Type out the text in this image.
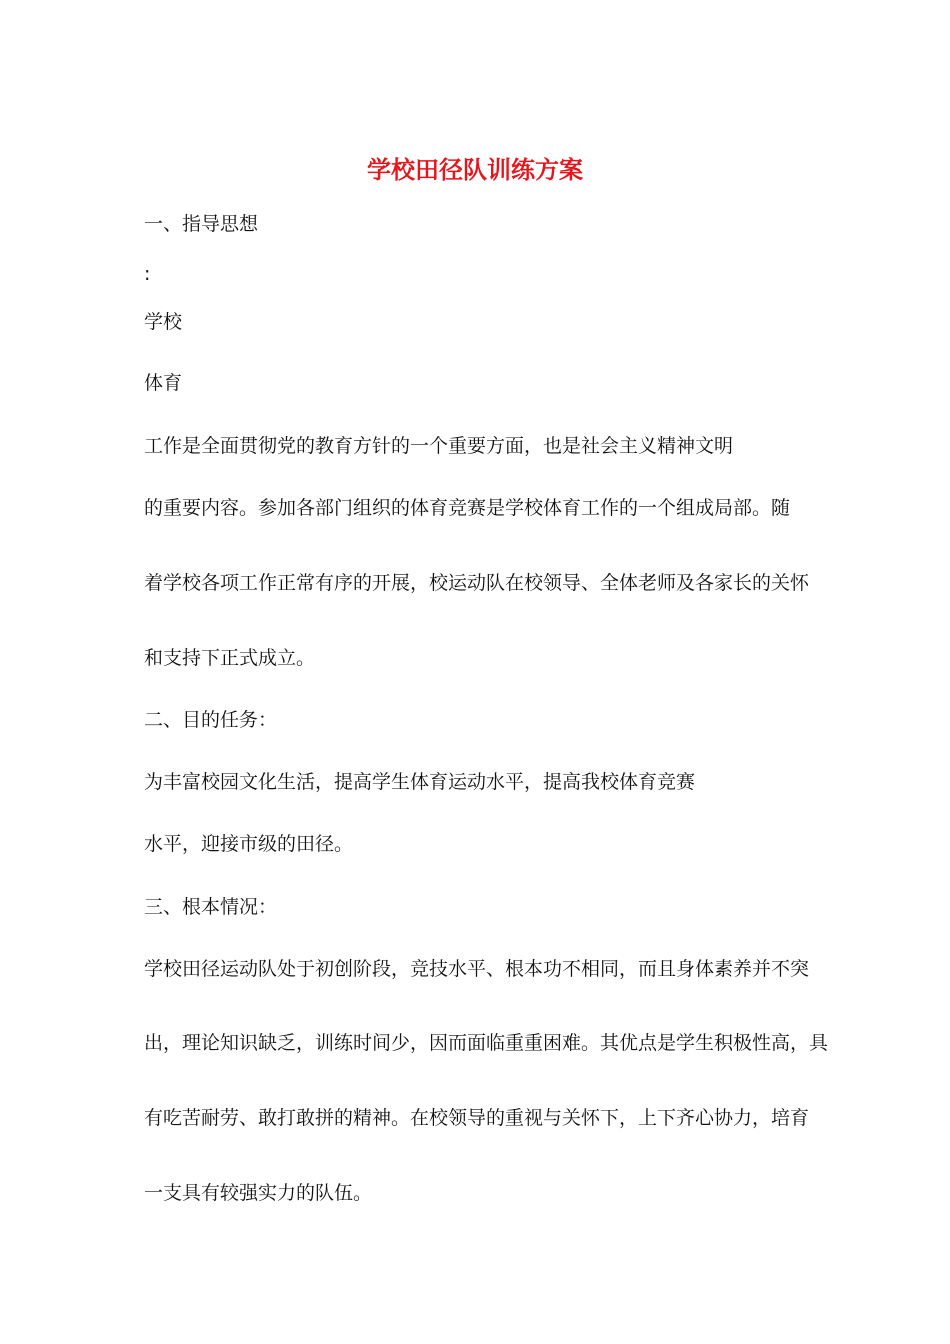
学校田径队训练方案

一、指导思想

:

学校

体育

工作是全面贯彻党的教育方针的一个重要方面，也是社会主义精神文明

的重要内容。参加各部门组织的体育竞赛是学校体育工作的一个组成局部。随

着学校各项工作正常有序的开展，校运动队在校领导、全体老师及各家长的关怀

和支持下正式成立。

二、目的任务：

为丰富校园文化生活，提高学生体育运动水平，提高我校体育竞赛

水平，迎接市级的田径。

三、根本情况：

学校田径运动队处于初创阶段，竞技水平、根本功不相同，而且身体素养并不突

出，理论知识缺乏，训练时间少，因而面临重重困难。其优点是学生积极性高，具

有吃苦耐劳、敢打敢拼的精神。在校领导的重视与关怀下，上下齐心协力，培育

一支具有较强实力的队伍。
